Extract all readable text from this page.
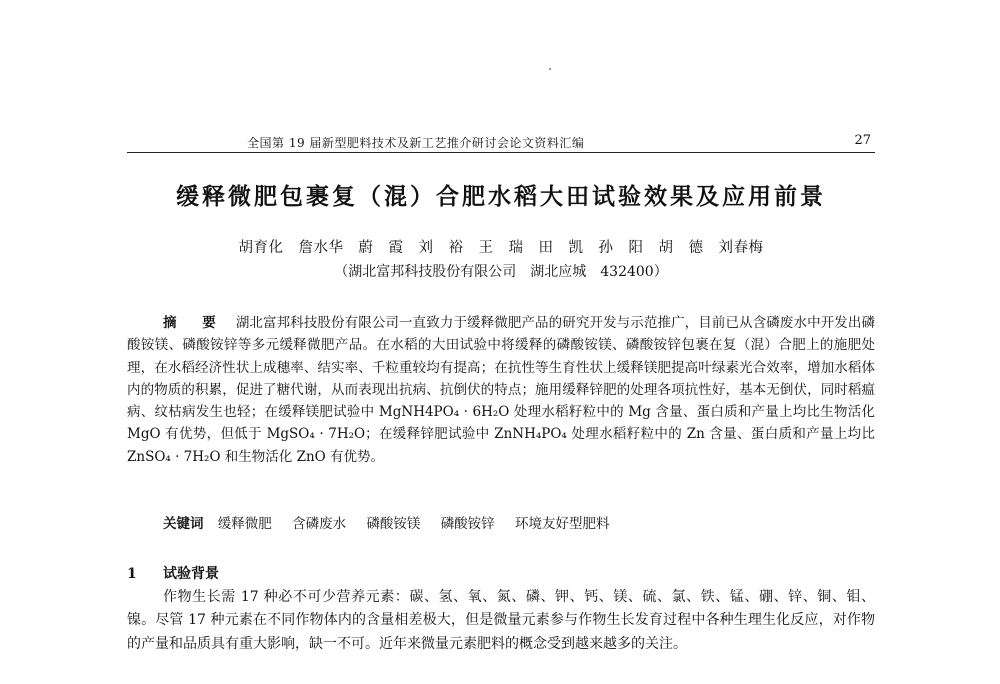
全国第 19 届新型肥料技术及新工艺推介研讨会论文资料汇编	27
缓释微肥包裹复（混）合肥水稻大田试验效果及应用前景
胡育化　詹水华　蔚　霞　刘　裕　王　瑞　田　凯　孙　阳　胡　德　刘春梅
（湖北富邦科技股份有限公司　湖北应城　432400）
摘　要 湖北富邦科技股份有限公司一直致力于缓释微肥产品的研究开发与示范推广，目前已从含磷废水中开发出磷酸铵镁、磷酸铵锌等多元缓释微肥产品。在水稻的大田试验中将缓释的磷酸铵镁、磷酸铵锌包裹在复（混）合肥上的施肥处理，在水稻经济性状上成穗率、结实率、千粒重较均有提高；在抗性等生育性状上缓释镁肥提高叶绿素光合效率，增加水稻体内的物质的积累，促进了糖代谢，从而表现出抗病、抗倒伏的特点；施用缓释锌肥的处理各项抗性好，基本无倒伏，同时稻瘟病、纹枯病发生也轻；在缓释镁肥试验中 MgNH4PO₄ · 6H₂O 处理水稻籽粒中的 Mg 含量、蛋白质和产量上均比生物活化 MgO 有优势，但低于 MgSO₄ · 7H₂O；在缓释锌肥试验中 ZnNH₄PO₄ 处理水稻籽粒中的 Zn 含量、蛋白质和产量上均比 ZnSO₄ · 7H₂O 和生物活化 ZnO 有优势。
关键词 缓释微肥 含磷废水 磷酸铵镁 磷酸铵锌 环境友好型肥料
1 试验背景
作物生长需 17 种必不可少营养元素：碳、氢、氧、氮、磷、钾、钙、镁、硫、氯、铁、锰、硼、锌、铜、钼、镍。尽管 17 种元素在不同作物体内的含量相差极大，但是微量元素参与作物生长发育过程中各种生理生化反应，对作物的产量和品质具有重大影响，缺一不可。近年来微量元素肥料的概念受到越来越多的关注。
